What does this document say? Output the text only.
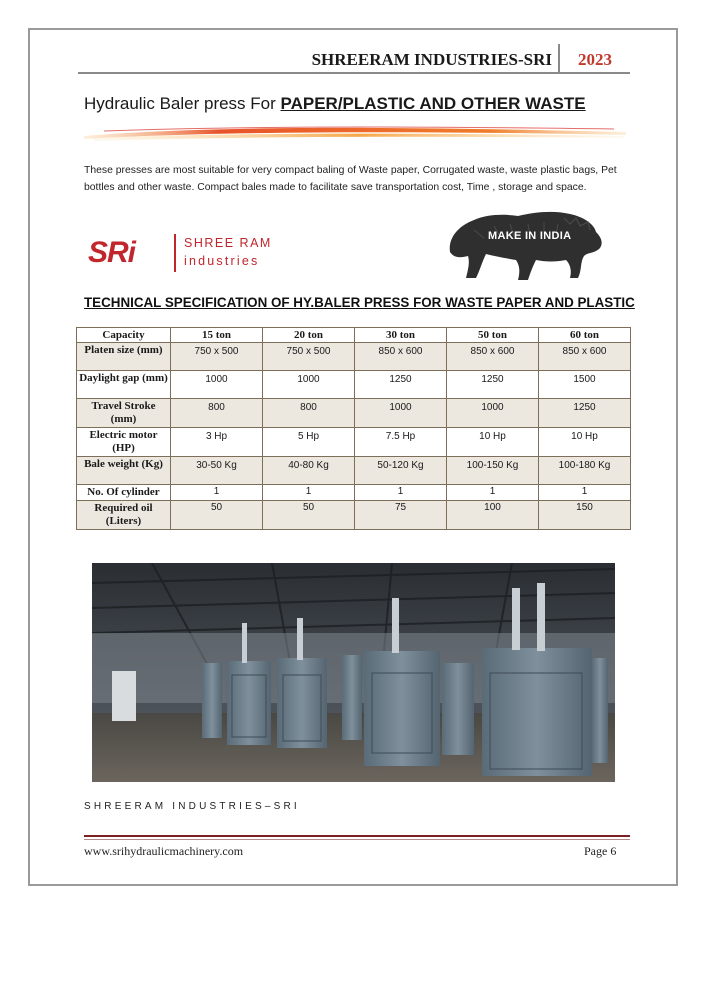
SHREERAM INDUSTRIES-SRI 2023
Hydraulic Baler press For PAPER/PLASTIC AND OTHER WASTE

These presses are most suitable for very compact baling of Waste paper, Corrugated waste, waste plastic bags, Pet bottles and other waste. Compact bales made to facilitate save transportation cost, Time , storage and space.

SRi	SHREE RAM
industries
MAKE IN INDIA
TECHNICAL SPECIFICATION OF HY.BALER PRESS FOR WASTE PAPER AND PLASTIC
Capacity	15 ton	20 ton	30 ton	50 ton	60 ton
Platen size (mm)	750 x 500	750 x 500	850 x 600	850 x 600	850 x 600
Daylight gap (mm)	1000	1000	1250	1250	1500
Travel Stroke (mm)	800	800	1000	1000	1250
Electric motor (HP)	3 Hp	5 Hp	7.5 Hp	10 Hp	10 Hp
Bale weight (Kg)	30-50 Kg	40-80 Kg	50-120 Kg	100-150 Kg	100-180 Kg
No. Of cylinder	1	1	1	1	1
Required oil (Liters)	50	50	75	100	150
SHREERAM INDUSTRIES–SRI
www.srihydraulicmachinery.com	Page 6
